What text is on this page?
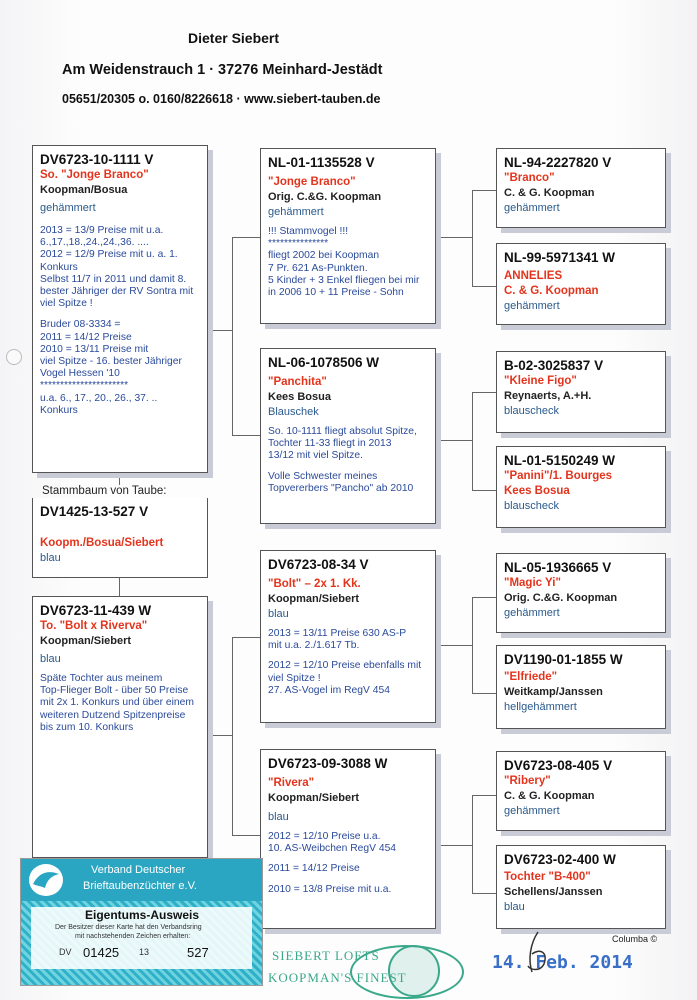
Dieter Siebert
Am Weidenstrauch 1 · 37276 Meinhard-Jestädt
05651/20305 o. 0160/8226618 · www.siebert-tauben.de
DV6723-10-1111 V
So. "Jonge Branco"
Koopman/Bosua
gehämmert
2013 = 13/9 Preise mit u.a.
6.,17.,18.,24.,24.,36. ....
2012 = 12/9 Preise mit u. a. 1.
Konkurs
Selbst 11/7 in 2011 und damit 8.
bester Jähriger der RV Sontra mit
viel Spitze !
Bruder 08-3334 =
2011 = 14/12 Preise
2010 = 13/11 Preise mit
viel Spitze - 16. bester Jähriger
Vogel Hessen '10
**********************
u.a. 6., 17., 20., 26., 37. ..
Konkurs
Stammbaum von Taube:
DV1425-13-527 V
Koopm./Bosua/Siebert
blau
DV6723-11-439 W
To. "Bolt x Riverva"
Koopman/Siebert
blau
Späte Tochter aus meinem
Top-Flieger Bolt - über 50 Preise
mit 2x 1. Konkurs und über einem
weiteren Dutzend Spitzenpreise
bis zum 10. Konkurs
NL-01-1135528 V
"Jonge Branco"
Orig. C.&G. Koopman
gehämmert
!!! Stammvogel !!!
***************
fliegt 2002 bei Koopman
7 Pr. 621 As-Punkten.
5 Kinder + 3 Enkel fliegen bei mir
in 2006 10 + 11 Preise - Sohn
NL-06-1078506 W
"Panchita"
Kees Bosua
Blauschek
So. 10-1111 fliegt absolut Spitze,
Tochter 11-33 fliegt in 2013
13/12 mit viel Spitze.
Volle Schwester meines
Topvererbers "Pancho" ab 2010
DV6723-08-34 V
"Bolt" – 2x 1. Kk.
Koopman/Siebert
blau
2013 = 13/11 Preise 630 AS-P
mit u.a. 2./1.617 Tb.
2012 = 12/10 Preise ebenfalls mit
viel Spitze !
27. AS-Vogel im RegV 454
DV6723-09-3088 W
"Rivera"
Koopman/Siebert
blau
2012 = 12/10 Preise u.a.
10. AS-Weibchen RegV 454
2011 = 14/12 Preise
2010 = 13/8 Preise mit u.a.
NL-94-2227820 V
"Branco"
C. & G. Koopman
gehämmert
NL-99-5971341 W
ANNELIES
C. & G. Koopman
gehämmert
B-02-3025837 V
"Kleine Figo"
Reynaerts, A.+H.
blauscheck
NL-01-5150249 W
"Panini"/1. Bourges
Kees Bosua
blauscheck
NL-05-1936665 V
"Magic Yi"
Orig. C.&G. Koopman
gehämmert
DV1190-01-1855 W
"Elfriede"
Weitkamp/Janssen
hellgehämmert
DV6723-08-405 V
"Ribery"
C. & G. Koopman
gehämmert
DV6723-02-400 W
Tochter "B-400"
Schellens/Janssen
blau
Columba ©
SIEBERT LOFTS
KOOPMAN'S FINEST
14. Feb. 2014
Verband Deutscher
Brieftaubenzüchter e.V.
Eigentums-Ausweis
Der Besitzer dieser Karte hat den Verbandsring
mit nachstehenden Zeichen erhalten:
DV 01425 13	527
